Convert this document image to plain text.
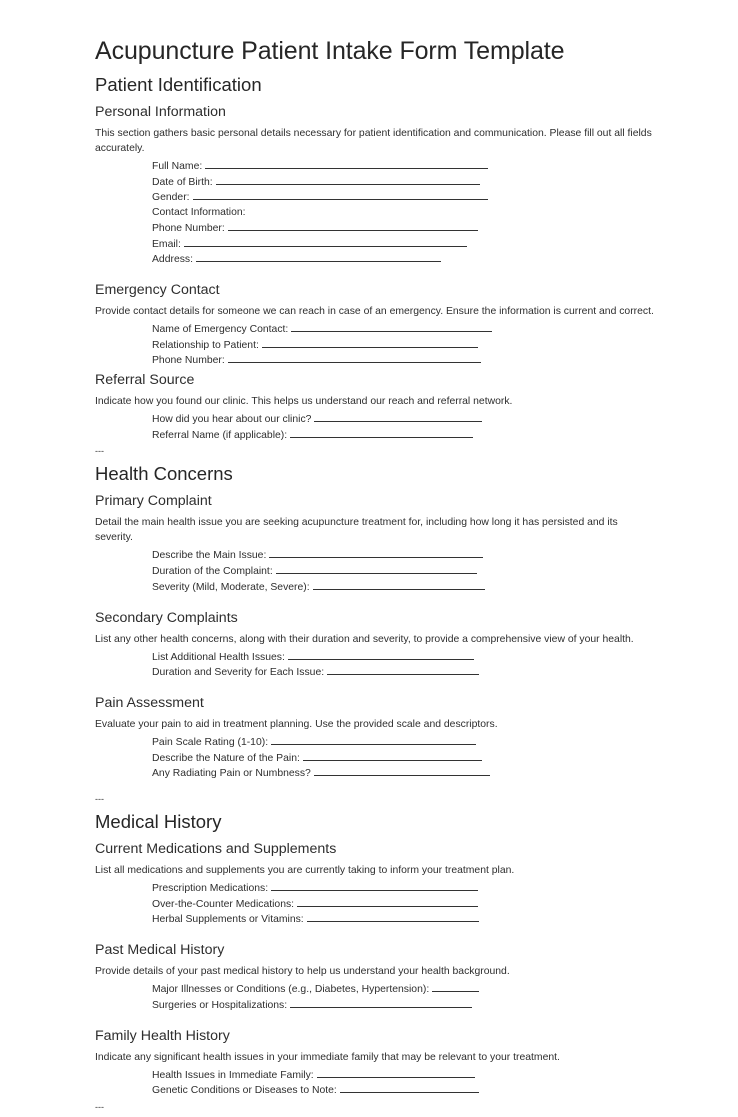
Acupuncture Patient Intake Form Template
Patient Identification
Personal Information

This section gathers basic personal details necessary for patient identification and communication. Please fill out all fields accurately.

Full Name:
Date of Birth:
Gender:
Contact Information:
Phone Number:
Email:
Address:
Emergency Contact

Provide contact details for someone we can reach in case of an emergency. Ensure the information is current and correct.

Name of Emergency Contact:
Relationship to Patient:
Phone Number:
Referral Source

Indicate how you found our clinic. This helps us understand our reach and referral network.

How did you hear about our clinic?
Referral Name (if applicable):
---
Health Concerns
Primary Complaint

Detail the main health issue you are seeking acupuncture treatment for, including how long it has persisted and its severity.

Describe the Main Issue:
Duration of the Complaint:
Severity (Mild, Moderate, Severe):
Secondary Complaints

List any other health concerns, along with their duration and severity, to provide a comprehensive view of your health.

List Additional Health Issues:
Duration and Severity for Each Issue:
Pain Assessment

Evaluate your pain to aid in treatment planning. Use the provided scale and descriptors.

Pain Scale Rating (1-10):
Describe the Nature of the Pain:
Any Radiating Pain or Numbness?
---
Medical History
Current Medications and Supplements

List all medications and supplements you are currently taking to inform your treatment plan.

Prescription Medications:
Over-the-Counter Medications:
Herbal Supplements or Vitamins:
Past Medical History

Provide details of your past medical history to help us understand your health background.

Major Illnesses or Conditions (e.g., Diabetes, Hypertension):
Surgeries or Hospitalizations:
Family Health History

Indicate any significant health issues in your immediate family that may be relevant to your treatment.

Health Issues in Immediate Family:
Genetic Conditions or Diseases to Note:
---
